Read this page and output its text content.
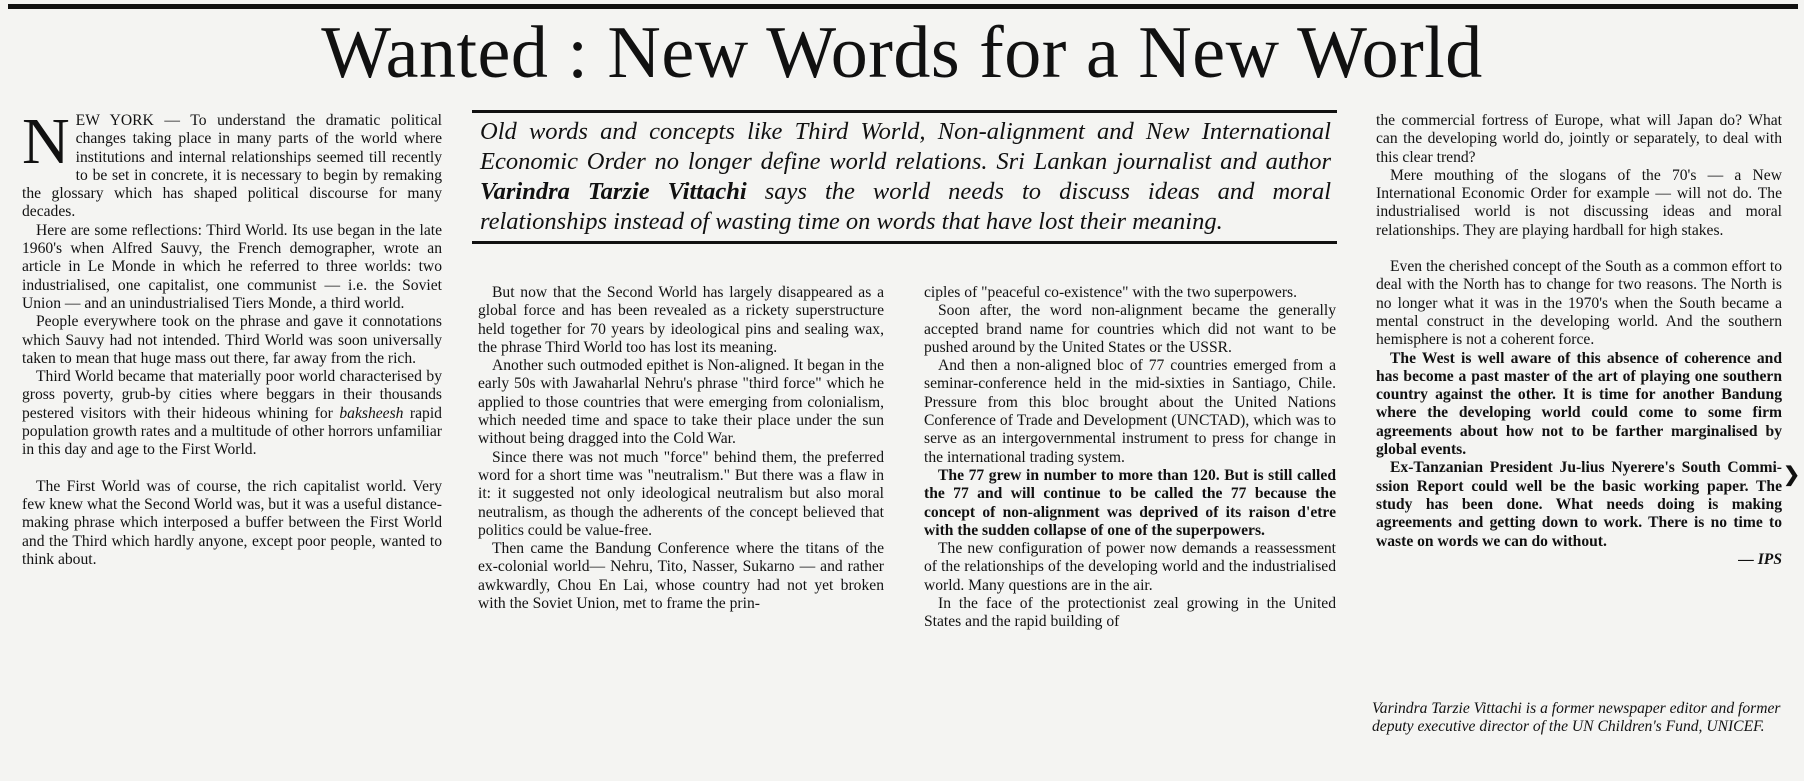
Wanted : New Words for a New World

NEW YORK — To understand the dramatic political changes taking place in many parts of the world where institutions and internal relationships seemed till recently to be set in concrete, it is necessary to begin by remaking the glossary which has shaped political discourse for many decades.

Here are some reflections: Third World. Its use began in the late 1960's when Alfred Sauvy, the French demographer, wrote an article in Le Monde in which he referred to three worlds: two industrialised, one capitalist, one communist — i.e. the Soviet Union — and an unindustrialised Tiers Monde, a third world.

People everywhere took on the phrase and gave it connotations which Sauvy had not intended. Third World was soon universally taken to mean that huge mass out there, far away from the rich.

Third World became that materially poor world characterised by gross poverty, grub-by cities where beggars in their thousands pestered visitors with their hideous whining for baksheesh rapid population growth rates and a multitude of other horrors unfamiliar in this day and age to the First World.

The First World was of course, the rich capitalist world. Very few knew what the Second World was, but it was a useful distance-making phrase which interposed a buffer between the First World and the Third which hardly anyone, except poor people, wanted to think about.

Old words and concepts like Third World, Non-alignment and New International Economic Order no longer define world relations. Sri Lankan journalist and author Varindra Tarzie Vittachi says the world needs to discuss ideas and moral relationships instead of wasting time on words that have lost their meaning.

But now that the Second World has largely disappeared as a global force and has been revealed as a rickety superstructure held together for 70 years by ideological pins and sealing wax, the phrase Third World too has lost its meaning.

Another such outmoded epithet is Non-aligned. It began in the early 50s with Jawaharlal Nehru's phrase "third force" which he applied to those countries that were emerging from colonialism, which needed time and space to take their place under the sun without being dragged into the Cold War.

Since there was not much "force" behind them, the preferred word for a short time was "neutralism." But there was a flaw in it: it suggested not only ideological neutralism but also moral neutralism, as though the adherents of the concept believed that politics could be value-free.

Then came the Bandung Conference where the titans of the ex-colonial world— Nehru, Tito, Nasser, Sukarno — and rather awkwardly, Chou En Lai, whose country had not yet broken with the Soviet Union, met to frame the prin-

ciples of "peaceful co-existence" with the two superpowers.

Soon after, the word non-alignment became the generally accepted brand name for countries which did not want to be pushed around by the United States or the USSR.

And then a non-aligned bloc of 77 countries emerged from a seminar-conference held in the mid-sixties in Santiago, Chile. Pressure from this bloc brought about the United Nations Conference of Trade and Development (UNCTAD), which was to serve as an intergovernmental instrument to press for change in the international trading system.

The 77 grew in number to more than 120. But is still called the 77 and will continue to be called the 77 because the concept of non-alignment was deprived of its raison d'etre with the sudden collapse of one of the superpowers.

The new configuration of power now demands a reassessment of the relationships of the developing world and the industrialised world. Many questions are in the air.

In the face of the protectionist zeal growing in the United States and the rapid building of

the commercial fortress of Europe, what will Japan do? What can the developing world do, jointly or separately, to deal with this clear trend?

Mere mouthing of the slogans of the 70's — a New International Economic Order for example — will not do. The industrialised world is not discussing ideas and moral relationships. They are playing hardball for high stakes.

Even the cherished concept of the South as a common effort to deal with the North has to change for two reasons. The North is no longer what it was in the 1970's when the South became a mental construct in the developing world. And the southern hemisphere is not a coherent force.

The West is well aware of this absence of coherence and has become a past master of the art of playing one southern country against the other. It is time for another Bandung where the developing world could come to some firm agreements about how not to be farther marginalised by global events.

Ex-Tanzanian President Ju-lius Nyerere's South Commi-ssion Report could well be the basic working paper. The study has been done. What needs doing is making agreements and getting down to work. There is no time to waste on words we can do without.

— IPS
Varindra Tarzie Vittachi is a former newspaper editor and former deputy executive director of the UN Children's Fund, UNICEF.
❯
